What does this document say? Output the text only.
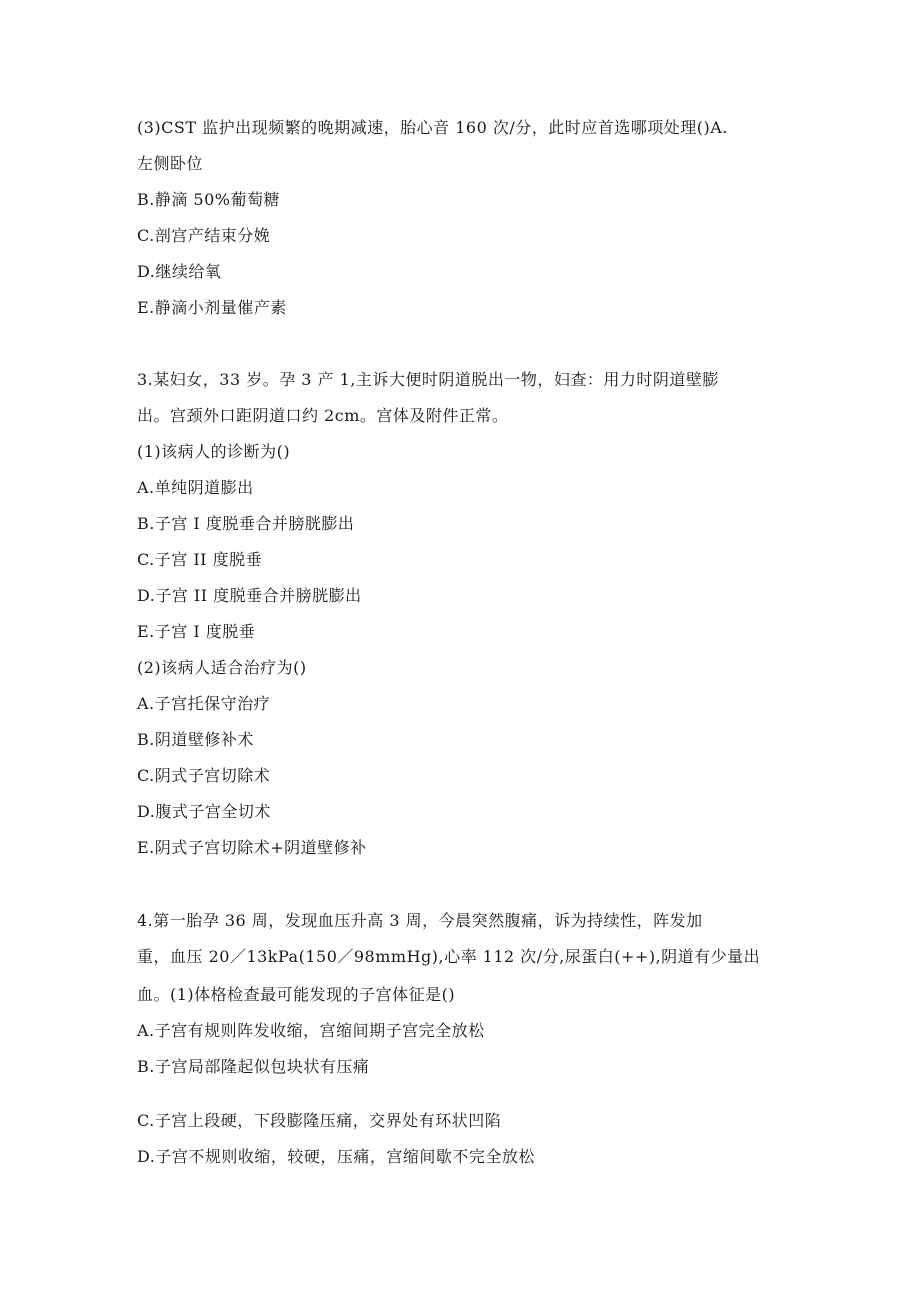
(3)CST 监护出现频繁的晚期减速，胎心音 160 次/分，此时应首选哪项处理()A.
左侧卧位
B.静滴 50%葡萄糖
C.剖宫产结束分娩
D.继续给氧
E.静滴小剂量催产素
3.某妇女，33 岁。孕 3 产 1,主诉大便时阴道脱出一物，妇查：用力时阴道壁膨
出。宫颈外口距阴道口约 2cm。宫体及附件正常。
(1)该病人的诊断为()
A.单纯阴道膨出
B.子宫 I 度脱垂合并膀胱膨出
C.子宫 II 度脱垂
D.子宫 II 度脱垂合并膀胱膨出
E.子宫 I 度脱垂
(2)该病人适合治疗为()
A.子宫托保守治疗
B.阴道壁修补术
C.阴式子宫切除术
D.腹式子宫全切术
E.阴式子宫切除术+阴道壁修补
4.第一胎孕 36 周，发现血压升高 3 周，今晨突然腹痛，诉为持续性，阵发加
重，血压 20／13kPa(150／98mmHg),心率 112 次/分,尿蛋白(++),阴道有少量出
血。(1)体格检查最可能发现的子宫体征是()
A.子宫有规则阵发收缩，宫缩间期子宫完全放松
B.子宫局部隆起似包块状有压痛
C.子宫上段硬，下段膨隆压痛，交界处有环状凹陷
D.子宫不规则收缩，较硬，压痛，宫缩间歇不完全放松
